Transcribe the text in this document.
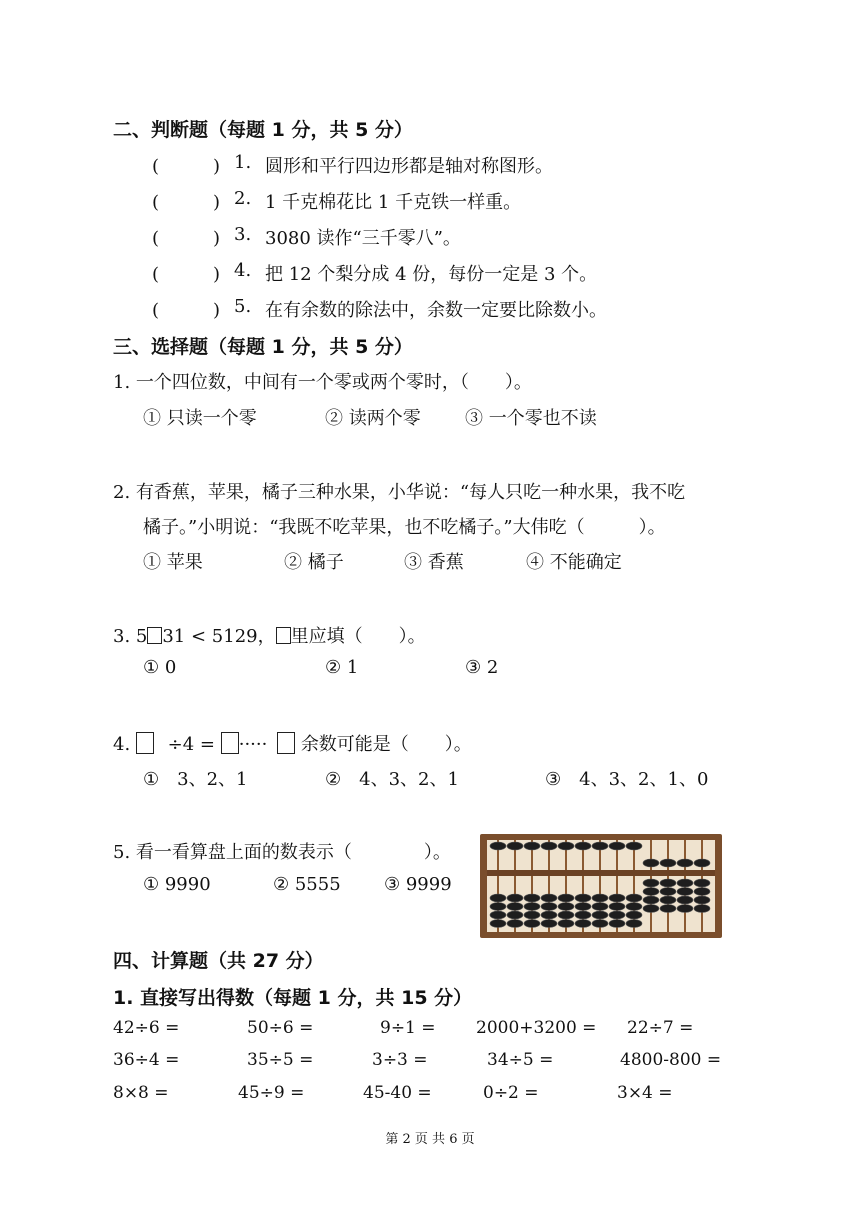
二、判断题（每题 1 分，共 5 分）
(　　　) 1. 圆形和平行四边形都是轴对称图形。
(　　　) 2. 1 千克棉花比 1 千克铁一样重。
(　　　) 3. 3080 读作“三千零八”。
(　　　) 4. 把 12 个梨分成 4 份，每份一定是 3 个。
(　　　) 5. 在有余数的除法中，余数一定要比除数小。
三、选择题（每题 1 分，共 5 分）
1. 一个四位数，中间有一个零或两个零时，（　　）。
① 只读一个零	② 读两个零 ③ 一个零也不读
2. 有香蕉，苹果，橘子三种水果，小华说：“每人只吃一种水果，我不吃
橘子。”小明说：“我既不吃苹果，也不吃橘子。”大伟吃（　　　）。
① 苹果	② 橘子	③ 香蕉	④ 不能确定
3. 5 31 < 5129， 里应填（　　）。
① 0	② 1	③ 2
4. ÷4 = ····· 余数可能是（　　）。
①　3、2、1	②　4、3、2、1	③　4、3、2、1、0
5. 看一看算盘上面的数表示（　　　　）。
① 9990	② 5555 ③ 9999
四、计算题（共 27 分）
1. 直接写出得数（每题 1 分，共 15 分）
42÷6 =	50÷6 =	9÷1 = 2000+3200 = 22÷7 =
36÷4 =	35÷5 =	3÷3 =	34÷5 =	4800-800 =
8×8 =	45÷9 =	45-40 =	0÷2 =	3×4 =
第 2 页 共 6 页
